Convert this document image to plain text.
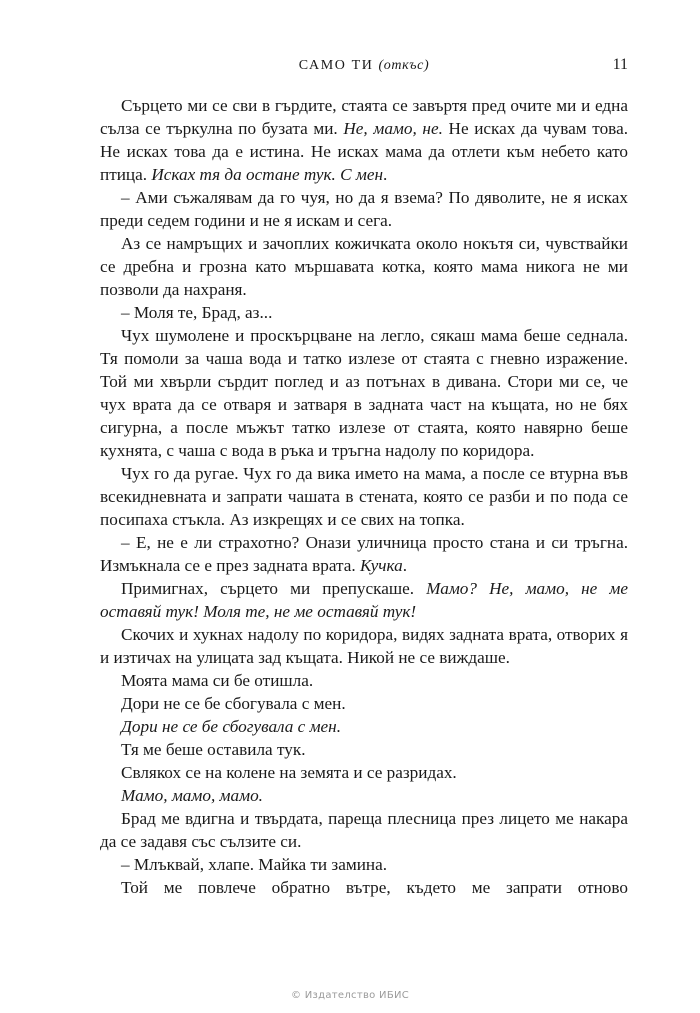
САМО ТИ (откъс)	11

Сърцето ми се сви в гърдите, стаята се завъртя пред очите ми и една сълза се търкулна по бузата ми. Не, мамо, не. Не исках да чувам това. Не исках това да е истина. Не исках мама да отлети към небето като птица. Исках тя да остане тук. С мен.

– Ами съжалявам да го чуя, но да я взема? По дяволите, не я исках преди седем години и не я искам и сега.

Аз се намръщих и зачоплих кожичката около нокътя си, чувствайки се дребна и грозна като мършавата котка, която мама никога не ми позволи да нахраня.

– Моля те, Брад, аз...

Чух шумолене и проскърцване на легло, сякаш мама беше седнала. Тя помоли за чаша вода и татко излезе от стаята с гневно изражение. Той ми хвърли сърдит поглед и аз потънах в дивана. Стори ми се, че чух врата да се отваря и затваря в задната част на къщата, но не бях сигурна, а после мъжът татко излезе от стаята, която навярно беше кухнята, с чаша с вода в ръка и тръгна надолу по коридора.

Чух го да ругае. Чух го да вика името на мама, а после се втурна във всекидневната и запрати чашата в стената, която се разби и по пода се посипаха стъкла. Аз изкрещях и се свих на топка.

– Е, не е ли страхотно? Онази уличница просто стана и си тръгна. Измъкнала се е през задната врата. Кучка.

Примигнах, сърцето ми препускаше. Мамо? Не, мамо, не ме оставяй тук! Моля те, не ме оставяй тук!

Скочих и хукнах надолу по коридора, видях задната врата, отворих я и изтичах на улицата зад къщата. Никой не се виждаше.

Моята мама си бе отишла.

Дори не се бе сбогувала с мен.

Дори не се бе сбогувала с мен.

Тя ме беше оставила тук.

Свлякох се на колене на земята и се разридах.

Мамо, мамо, мамо.

Брад ме вдигна и твърдата, пареща плесница през лицето ме накара да се задавя със сълзите си.

– Млъквай, хлапе. Майка ти замина.

Той ме повлече обратно вътре, където ме запрати отново

© Издателство ИБИС
